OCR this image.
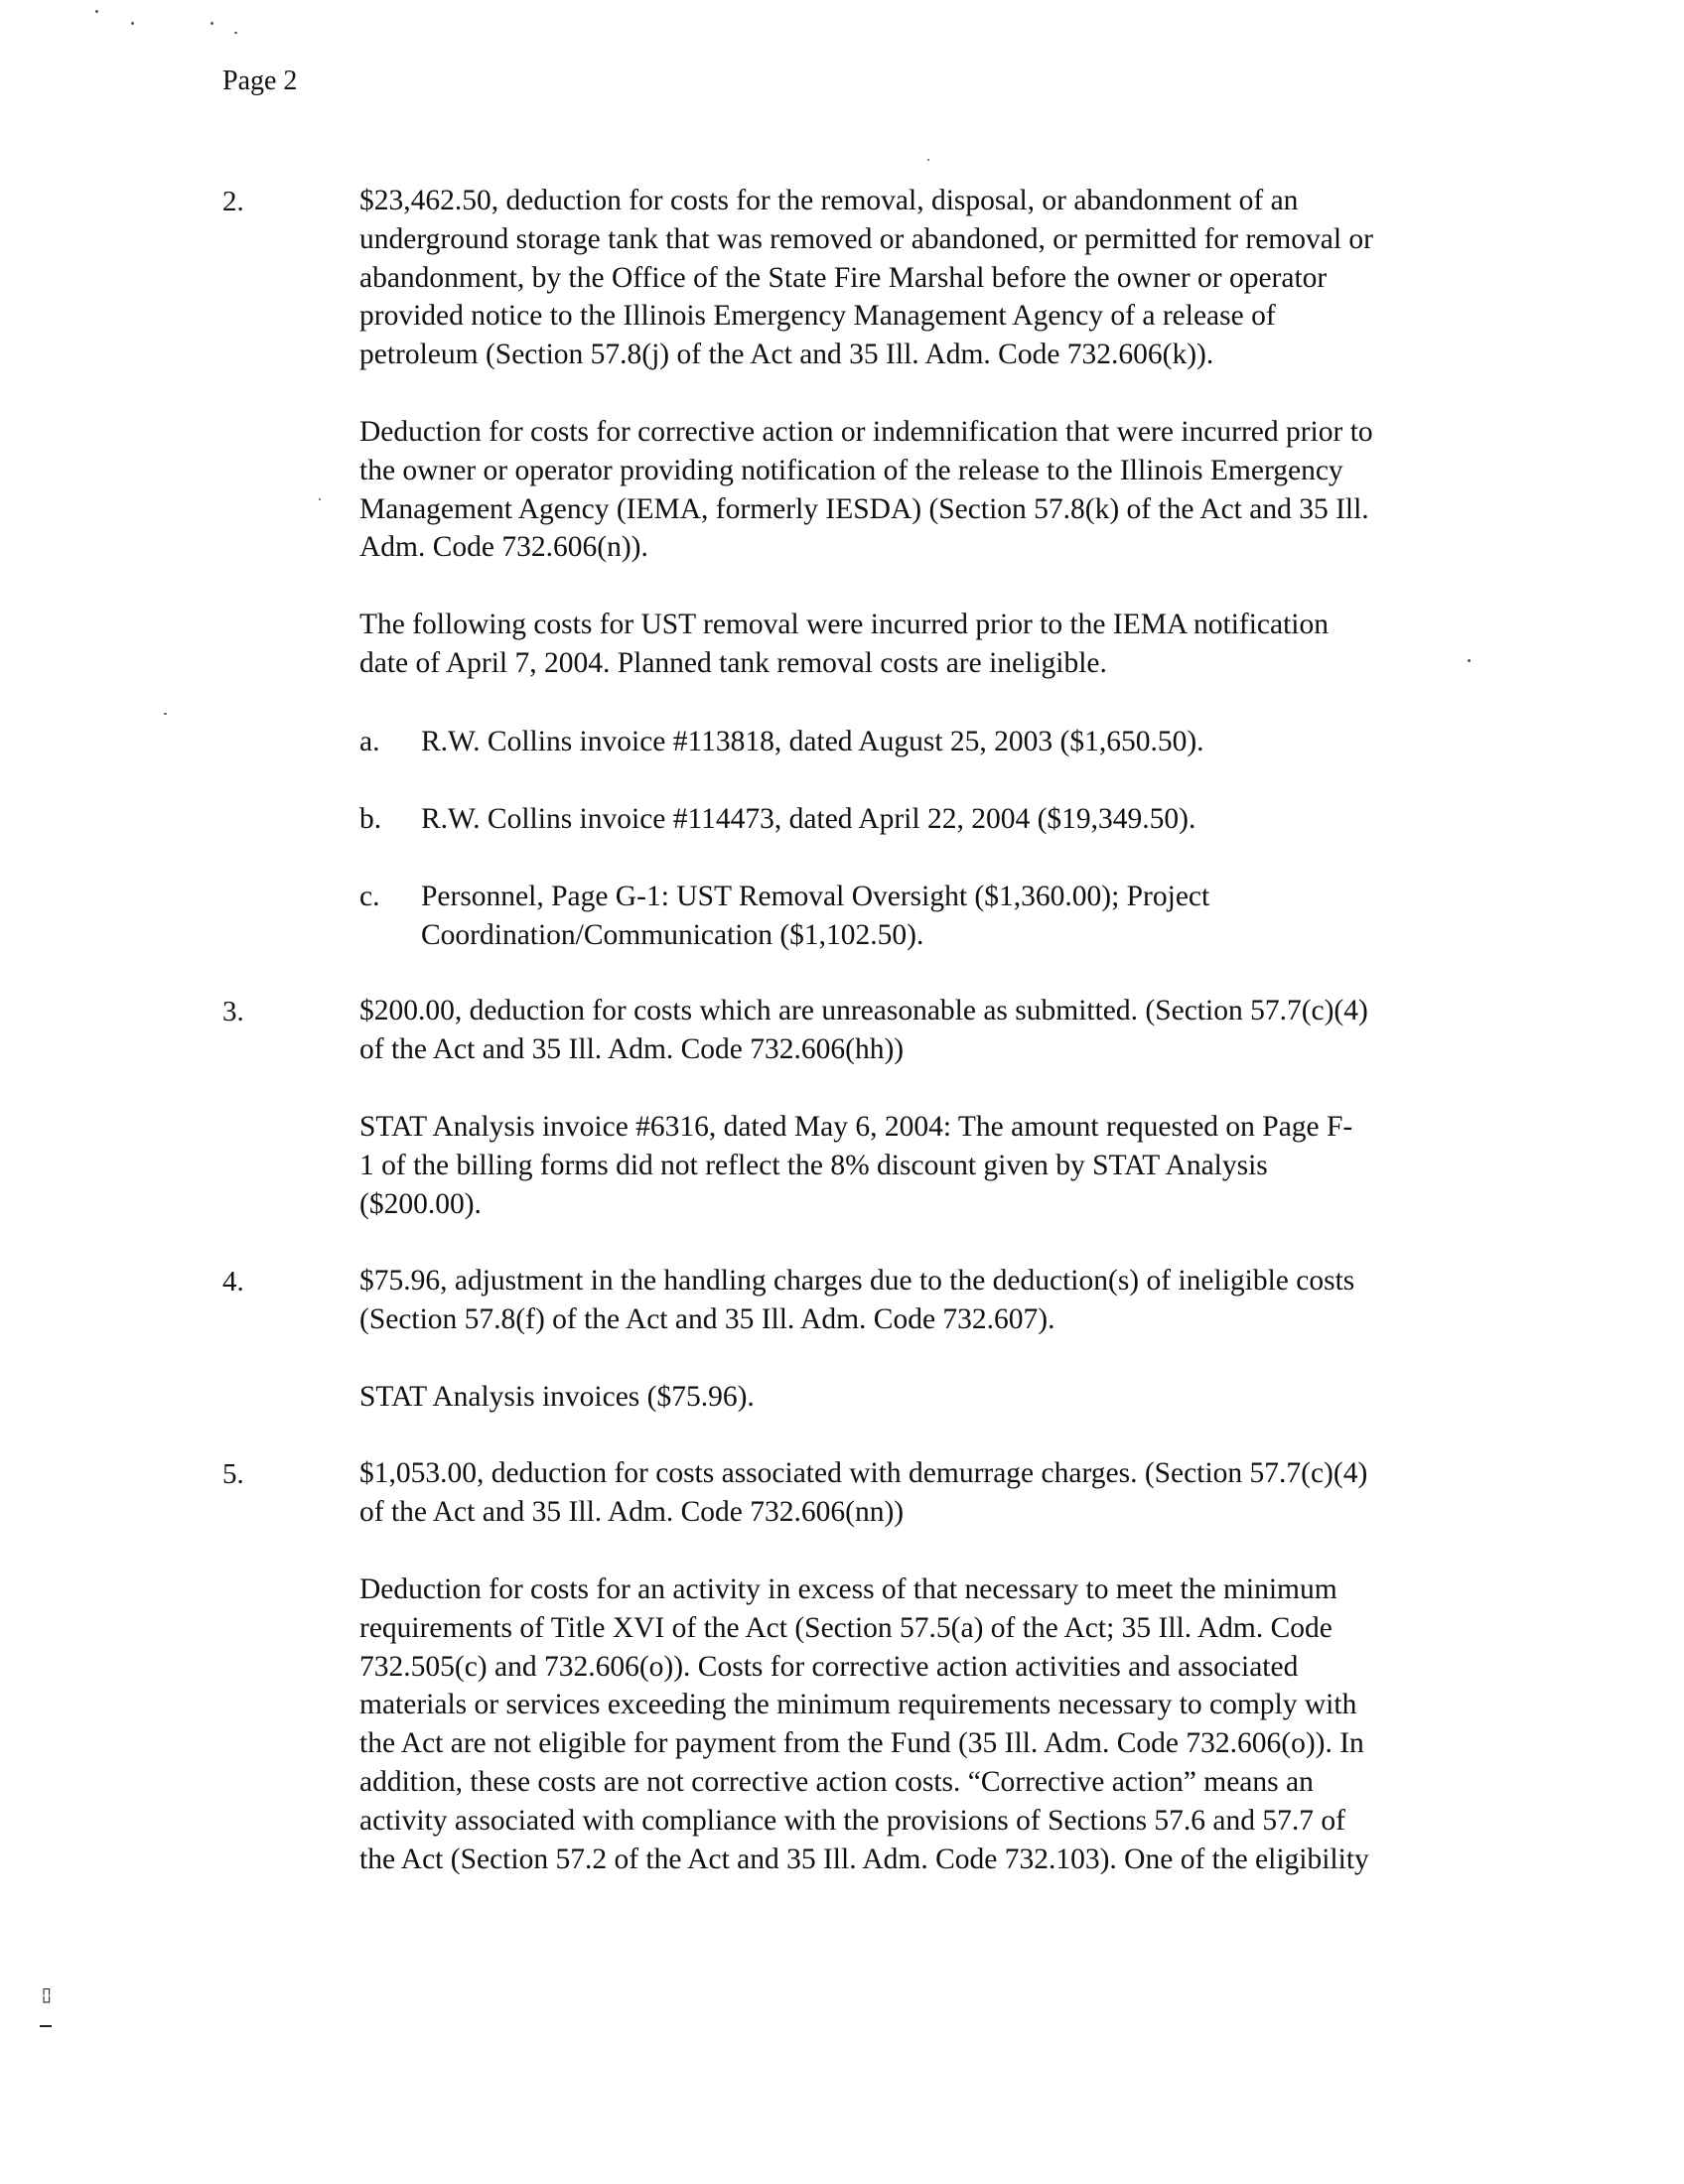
Page 2
2.	$23,462.50, deduction for costs for the removal, disposal, or abandonment of an
underground storage tank that was removed or abandoned, or permitted for removal or
abandonment, by the Office of the State Fire Marshal before the owner or operator
provided notice to the Illinois Emergency Management Agency of a release of
petroleum (Section 57.8(j) of the Act and 35 Ill. Adm. Code 732.606(k)).
Deduction for costs for corrective action or indemnification that were incurred prior to
the owner or operator providing notification of the release to the Illinois Emergency
Management Agency (IEMA, formerly IESDA) (Section 57.8(k) of the Act and 35 Ill.
Adm. Code 732.606(n)).
The following costs for UST removal were incurred prior to the IEMA notification
date of April 7, 2004. Planned tank removal costs are ineligible.
a. R.W. Collins invoice #113818, dated August 25, 2003 ($1,650.50).
b. R.W. Collins invoice #114473, dated April 22, 2004 ($19,349.50).
c. Personnel, Page G-1: UST Removal Oversight ($1,360.00); Project
Coordination/Communication ($1,102.50).
3.	$200.00, deduction for costs which are unreasonable as submitted. (Section 57.7(c)(4)
of the Act and 35 Ill. Adm. Code 732.606(hh))
STAT Analysis invoice #6316, dated May 6, 2004: The amount requested on Page F-
1 of the billing forms did not reflect the 8% discount given by STAT Analysis
($200.00).
4.	$75.96, adjustment in the handling charges due to the deduction(s) of ineligible costs
(Section 57.8(f) of the Act and 35 Ill. Adm. Code 732.607).
STAT Analysis invoices ($75.96).
5.	$1,053.00, deduction for costs associated with demurrage charges. (Section 57.7(c)(4)
of the Act and 35 Ill. Adm. Code 732.606(nn))
Deduction for costs for an activity in excess of that necessary to meet the minimum
requirements of Title XVI of the Act (Section 57.5(a) of the Act; 35 Ill. Adm. Code
732.505(c) and 732.606(o)). Costs for corrective action activities and associated
materials or services exceeding the minimum requirements necessary to comply with
the Act are not eligible for payment from the Fund (35 Ill. Adm. Code 732.606(o)). In
addition, these costs are not corrective action costs. “Corrective action” means an
activity associated with compliance with the provisions of Sections 57.6 and 57.7 of
the Act (Section 57.2 of the Act and 35 Ill. Adm. Code 732.103). One of the eligibility
⊏⊐
